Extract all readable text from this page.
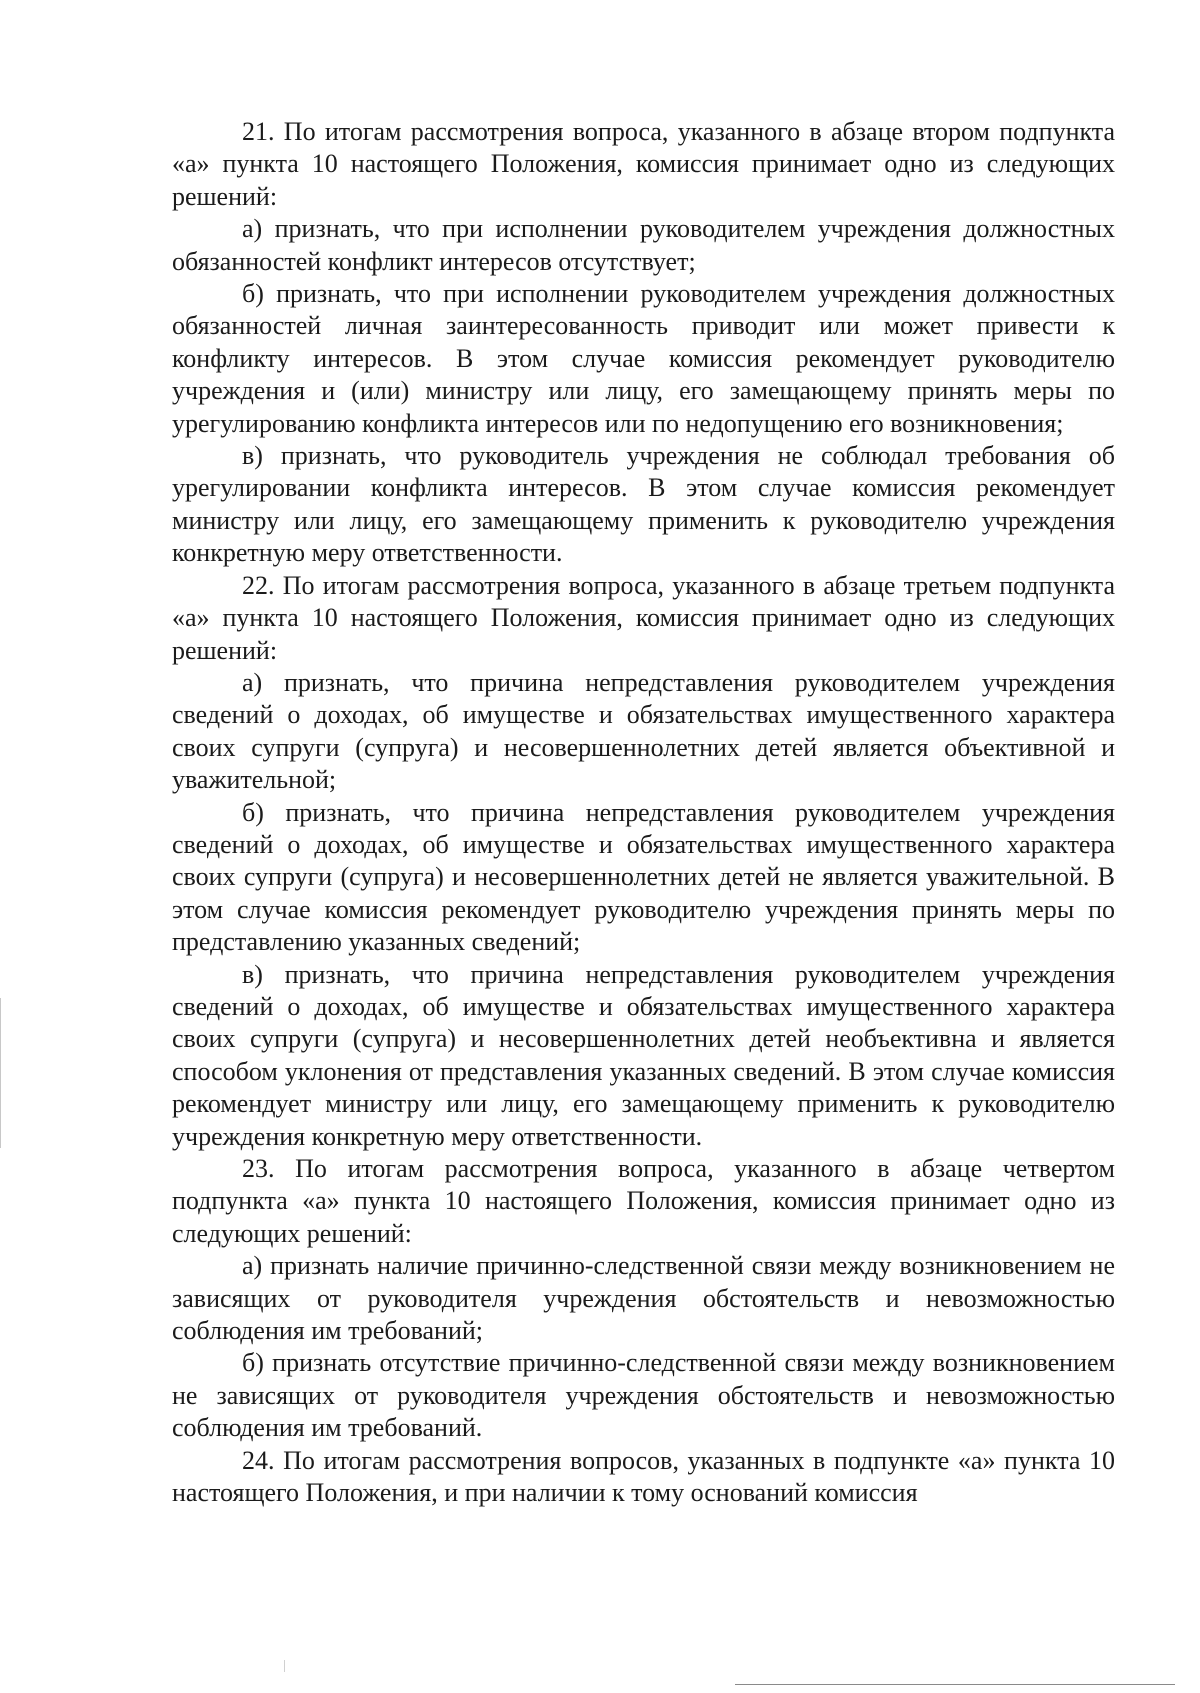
21. По итогам рассмотрения вопроса, указанного в абзаце втором подпункта «а» пункта 10 настоящего Положения, комиссия принимает одно из следующих решений:

а) признать, что при исполнении руководителем учреждения должностных обязанностей конфликт интересов отсутствует;

б) признать, что при исполнении руководителем учреждения должностных обязанностей личная заинтересованность приводит или может привести к конфликту интересов. В этом случае комиссия рекомендует руководителю учреждения и (или) министру или лицу, его замещающему принять меры по урегулированию конфликта интересов или по недопущению его возникновения;

в) признать, что руководитель учреждения не соблюдал требования об урегулировании конфликта интересов. В этом случае комиссия рекомендует министру или лицу, его замещающему применить к руководителю учреждения конкретную меру ответственности.

22. По итогам рассмотрения вопроса, указанного в абзаце третьем подпункта «а» пункта 10 настоящего Положения, комиссия принимает одно из следующих решений:

а) признать, что причина непредставления руководителем учреждения сведений о доходах, об имуществе и обязательствах имущественного характера своих супруги (супруга) и несовершеннолетних детей является объективной и уважительной;

б) признать, что причина непредставления руководителем учреждения сведений о доходах, об имуществе и обязательствах имущественного характера своих супруги (супруга) и несовершеннолетних детей не является уважительной. В этом случае комиссия рекомендует руководителю учреждения принять меры по представлению указанных сведений;

в) признать, что причина непредставления руководителем учреждения сведений о доходах, об имуществе и обязательствах имущественного характера своих супруги (супруга) и несовершеннолетних детей необъективна и является способом уклонения от представления указанных сведений. В этом случае комиссия рекомендует министру или лицу, его замещающему применить к руководителю учреждения конкретную меру ответственности.

23. По итогам рассмотрения вопроса, указанного в абзаце четвертом подпункта «а» пункта 10 настоящего Положения, комиссия принимает одно из следующих решений:

а) признать наличие причинно-следственной связи между возникновением не зависящих от руководителя учреждения обстоятельств и невозможностью соблюдения им требований;

б) признать отсутствие причинно-следственной связи между возникновением не зависящих от руководителя учреждения обстоятельств и невозможностью соблюдения им требований.

24. По итогам рассмотрения вопросов, указанных в подпункте «а» пункта 10 настоящего Положения, и при наличии к тому оснований комиссия
